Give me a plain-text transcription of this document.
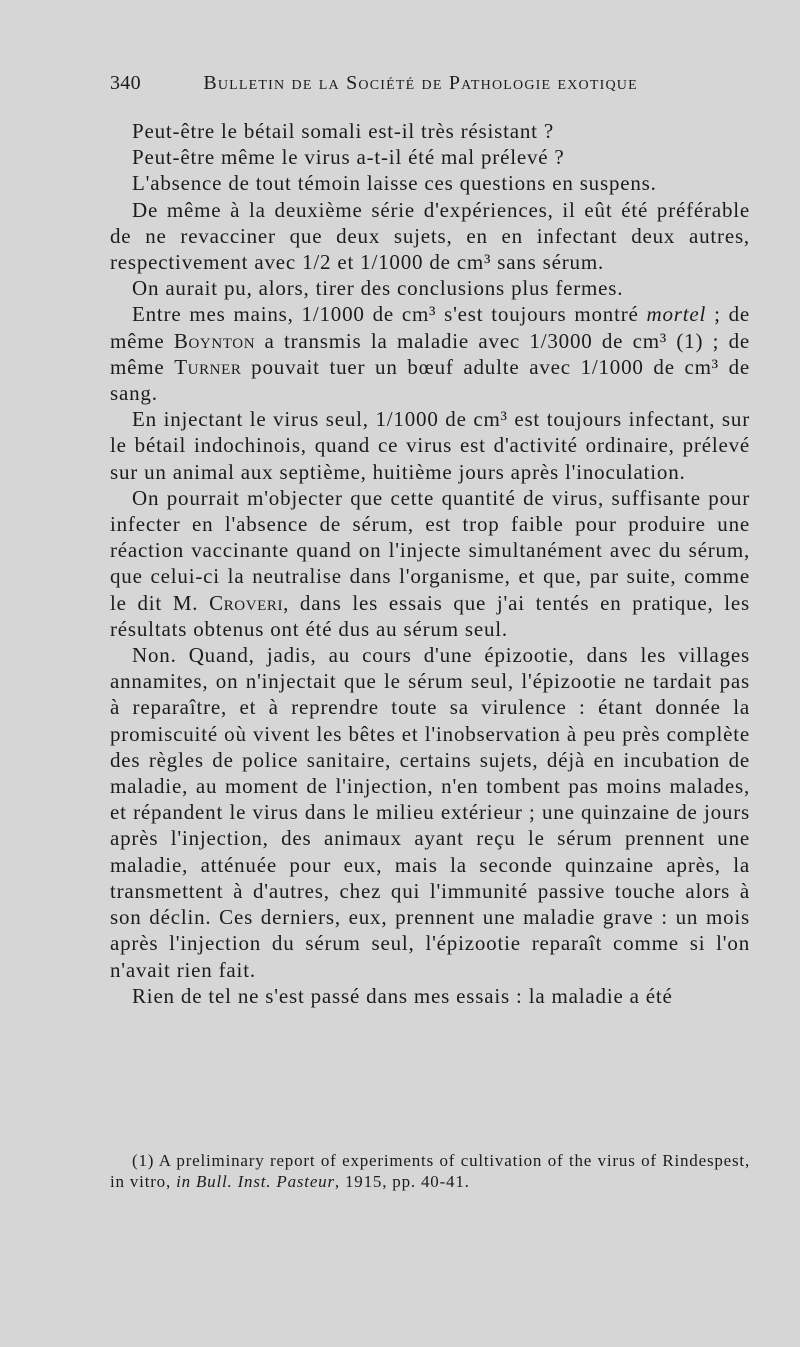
340	Bulletin de la Société de Pathologie exotique

Peut-être le bétail somali est-il très résistant ?

Peut-être même le virus a-t-il été mal prélevé ?

L'absence de tout témoin laisse ces questions en suspens.

De même à la deuxième série d'expériences, il eût été préférable de ne revacciner que deux sujets, en en infectant deux autres, respectivement avec 1/2 et 1/1000 de cm³ sans sérum.

On aurait pu, alors, tirer des conclusions plus fermes.

Entre mes mains, 1/1000 de cm³ s'est toujours montré mortel ; de même Boynton a transmis la maladie avec 1/3000 de cm³ (1) ; de même Turner pouvait tuer un bœuf adulte avec 1/1000 de cm³ de sang.

En injectant le virus seul, 1/1000 de cm³ est toujours infectant, sur le bétail indochinois, quand ce virus est d'activité ordinaire, prélevé sur un animal aux septième, huitième jours après l'inoculation.

On pourrait m'objecter que cette quantité de virus, suffisante pour infecter en l'absence de sérum, est trop faible pour produire une réaction vaccinante quand on l'injecte simultanément avec du sérum, que celui-ci la neutralise dans l'organisme, et que, par suite, comme le dit M. Croveri, dans les essais que j'ai tentés en pratique, les résultats obtenus ont été dus au sérum seul.

Non. Quand, jadis, au cours d'une épizootie, dans les villages annamites, on n'injectait que le sérum seul, l'épizootie ne tardait pas à reparaître, et à reprendre toute sa virulence : étant donnée la promiscuité où vivent les bêtes et l'inobservation à peu près complète des règles de police sanitaire, certains sujets, déjà en incubation de maladie, au moment de l'injection, n'en tombent pas moins malades, et répandent le virus dans le milieu extérieur ; une quinzaine de jours après l'injection, des animaux ayant reçu le sérum prennent une maladie, atténuée pour eux, mais la seconde quinzaine après, la transmettent à d'autres, chez qui l'immunité passive touche alors à son déclin. Ces derniers, eux, prennent une maladie grave : un mois après l'injection du sérum seul, l'épizootie reparaît comme si l'on n'avait rien fait.

Rien de tel ne s'est passé dans mes essais : la maladie a été

(1) A preliminary report of experiments of cultivation of the virus of Rindespest, in vitro, in Bull. Inst. Pasteur, 1915, pp. 40-41.
